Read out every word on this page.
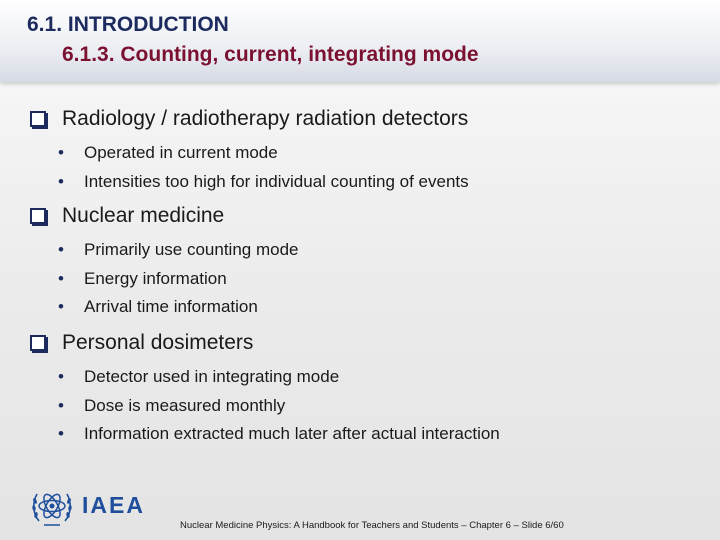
6.1. INTRODUCTION
6.1.3. Counting, current, integrating mode
Radiology / radiotherapy radiation detectors
• Operated in current mode
• Intensities too high for individual counting of events
Nuclear medicine
• Primarily use counting mode
• Energy information
• Arrival time information
Personal dosimeters
• Detector used in integrating mode
• Dose is measured monthly
• Information extracted much later after actual interaction
IAEA
Nuclear Medicine Physics: A Handbook for Teachers and Students – Chapter 6 – Slide 6/60
